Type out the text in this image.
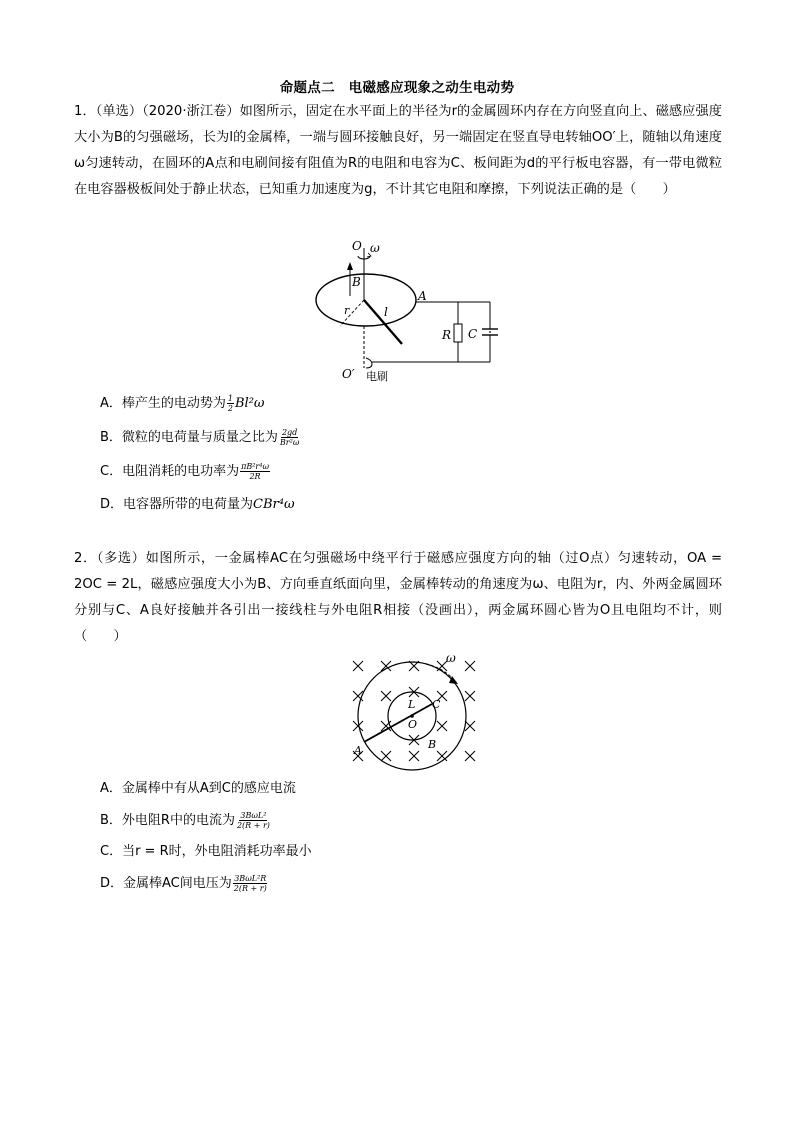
命题点二　电磁感应现象之动生电动势
1．（单选）（2020·浙江卷）如图所示，固定在水平面上的半径为r的金属圆环内存在方向竖直向上、磁感应强度大小为B的匀强磁场，长为l的金属棒，一端与圆环接触良好，另一端固定在竖直导电转轴OO′上，随轴以角速度ω匀速转动，在圆环的A点和电刷间接有阻值为R的电阻和电容为C、板间距为d的平行板电容器，有一带电微粒在电容器极板间处于静止状态，已知重力加速度为g，不计其它电阻和摩擦，下列说法正确的是（　　）
O ω
B
r	l
A
R C
O′ 电刷
A．棒产生的电动势为 $\frac{1}{2} Bl^2\omega$
B．微粒的电荷量与质量之比为 $\frac{2gd}{\text{Br²ω}}$
C．电阻消耗的电功率为 $\frac{\text{πB²r⁴ω}}{2R}$
D．电容器所带的电荷量为CBr⁴ω
2．（多选）如图所示，一金属棒AC在匀强磁场中绕平行于磁感应强度方向的轴（过O点）匀速转动，OA = 2OC = 2L，磁感应强度大小为B、方向垂直纸面向里，金属棒转动的角速度为ω、电阻为r，内、外两金属圆环分别与C、A良好接触并各引出一接线柱与外电阻R相接（没画出），两金属环圆心皆为O且电阻均不计，则（　　）
ω
L C
O
A	B
A．金属棒中有从A到C的感应电流
B．外电阻R中的电流为 $\frac{\text{3BωL²}}{2(R + r)}$
C．当r = R时，外电阻消耗功率最小
D．金属棒AC间电压为 $\frac{\text{3BωL²R}}{2(R + r)}$
